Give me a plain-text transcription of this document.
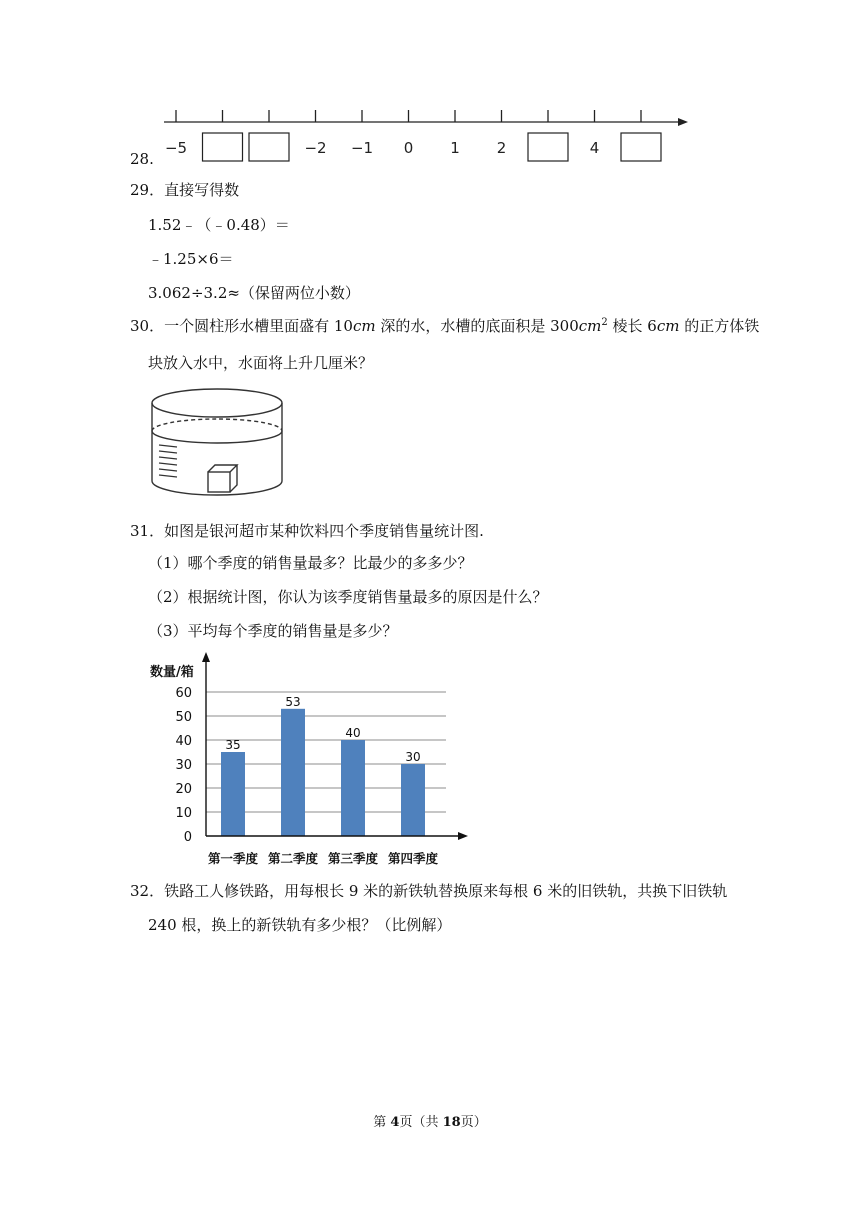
−5	−2 −1 0 1 2	4
28.
29．直接写得数
1.52﹣（﹣0.48）＝
﹣1.25×6＝
3.062÷3.2≈（保留两位小数）
30．一个圆柱形水槽里面盛有 10cm 深的水，水槽的底面积是 $300cm^2$ 棱长 6cm 的正方体铁
块放入水中，水面将上升几厘米？
31．如图是银河超市某种饮料四个季度销售量统计图.
（1）哪个季度的销售量最多？比最少的多多少？
（2）根据统计图，你认为该季度销售量最多的原因是什么？
（3）平均每个季度的销售量是多少？
0
10
20
30
40
50
60
35
第一季度
53
第二季度
40
第三季度
30
第四季度
数量/箱
32．铁路工人修铁路，用每根长 9 米的新铁轨替换原来每根 6 米的旧铁轨，共换下旧铁轨
240 根，换上的新铁轨有多少根？（比例解）
第 4页（共 18页）
